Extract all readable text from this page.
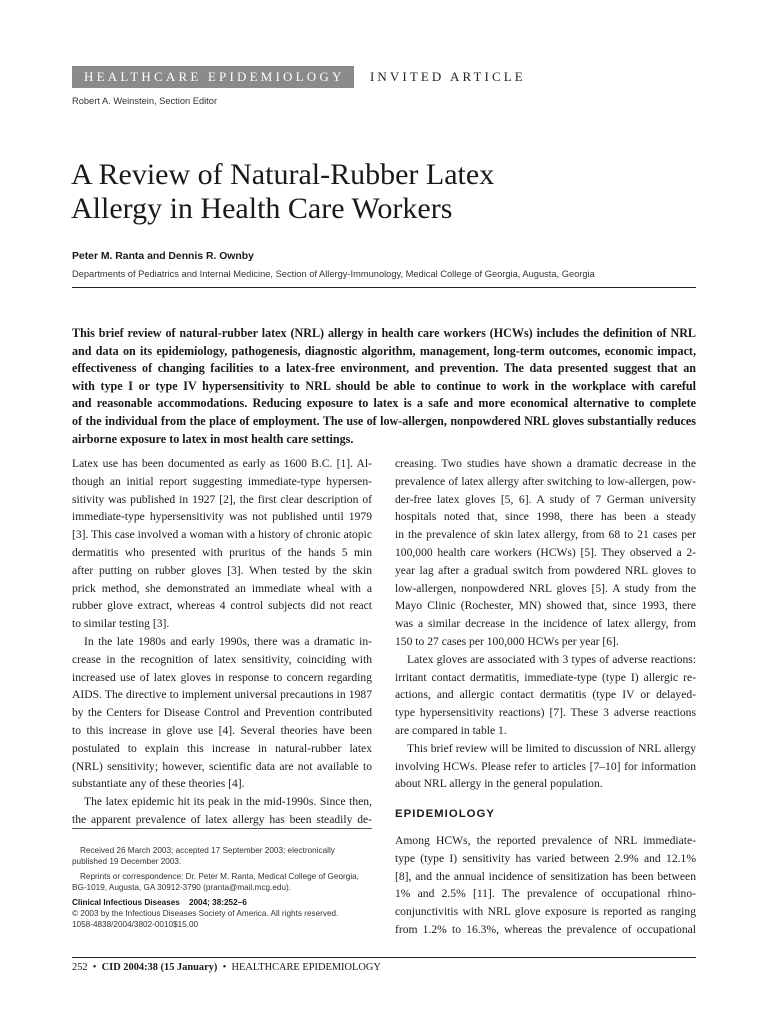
HEALTHCARE EPIDEMIOLOGY INVITED ARTICLE
Robert A. Weinstein, Section Editor
A Review of Natural-Rubber Latex
Allergy in Health Care Workers
Peter M. Ranta and Dennis R. Ownby
Departments of Pediatrics and Internal Medicine, Section of Allergy-Immunology, Medical College of Georgia, Augusta, Georgia
This brief review of natural-rubber latex (NRL) allergy in health care workers (HCWs) includes the definition of NRL
and data on its epidemiology, pathogenesis, diagnostic algorithm, management, long-term outcomes, economic impact,
effectiveness of changing facilities to a latex-free environment, and prevention. The data presented suggest that an
with type I or type IV hypersensitivity to NRL should be able to continue to work in the workplace with careful
and reasonable accommodations. Reducing exposure to latex is a safe and more economical alternative to complete
of the individual from the place of employment. The use of low-allergen, nonpowdered NRL gloves substantially reduces
airborne exposure to latex in most health care settings.
Latex use has been documented as early as 1600 B.C. [1]. Al-
though an initial report suggesting immediate-type hypersen-
sitivity was published in 1927 [2], the first clear description of
immediate-type hypersensitivity was not published until 1979
[3]. This case involved a woman with a history of chronic atopic
dermatitis who presented with pruritus of the hands 5 min
after putting on rubber gloves [3]. When tested by the skin
prick method, she demonstrated an immediate wheal with a
rubber glove extract, whereas 4 control subjects did not react
to similar testing [3].
In the late 1980s and early 1990s, there was a dramatic in-
crease in the recognition of latex sensitivity, coinciding with
increased use of latex gloves in response to concern regarding
AIDS. The directive to implement universal precautions in 1987
by the Centers for Disease Control and Prevention contributed
to this increase in glove use [4]. Several theories have been
postulated to explain this increase in natural-rubber latex
(NRL) sensitivity; however, scientific data are not available to
substantiate any of these theories [4].
The latex epidemic hit its peak in the mid-1990s. Since then,
the apparent prevalence of latex allergy has been steadily de-
creasing. Two studies have shown a dramatic decrease in the
prevalence of latex allergy after switching to low-allergen, pow-
der-free latex gloves [5, 6]. A study of 7 German university
hospitals noted that, since 1998, there has been a steady
in the prevalence of skin latex allergy, from 68 to 21 cases per
100,000 health care workers (HCWs) [5]. They observed a 2-
year lag after a gradual switch from powdered NRL gloves to
low-allergen, nonpowdered NRL gloves [5]. A study from the
Mayo Clinic (Rochester, MN) showed that, since 1993, there
was a similar decrease in the incidence of latex allergy, from
150 to 27 cases per 100,000 HCWs per year [6].
Latex gloves are associated with 3 types of adverse reactions:
irritant contact dermatitis, immediate-type (type I) allergic re-
actions, and allergic contact dermatitis (type IV or delayed-
type hypersensitivity reactions) [7]. These 3 adverse reactions
are compared in table 1.
This brief review will be limited to discussion of NRL allergy
involving HCWs. Please refer to articles [7–10] for information
about NRL allergy in the general population.
EPIDEMIOLOGY
Among HCWs, the reported prevalence of NRL immediate-
type (type I) sensitivity has varied between 2.9% and 12.1%
[8], and the annual incidence of sensitization has been between
1% and 2.5% [11]. The prevalence of occupational rhino-
conjunctivitis with NRL glove exposure is reported as ranging
from 1.2% to 16.3%, whereas the prevalence of occupational
Received 26 March 2003; accepted 17 September 2003; electronically published 19 December 2003.
Reprints or correspondence: Dr. Peter M. Ranta, Medical College of Georgia, BG-1019, Augusta, GA 30912-3790 (pranta@mail.mcg.edu).
Clinical Infectious Diseases    2004; 38:252–6
© 2003 by the Infectious Diseases Society of America. All rights reserved.
1058-4838/2004/3802-0010$15.00
252  •  CID 2004:38 (15 January)  •  HEALTHCARE EPIDEMIOLOGY
